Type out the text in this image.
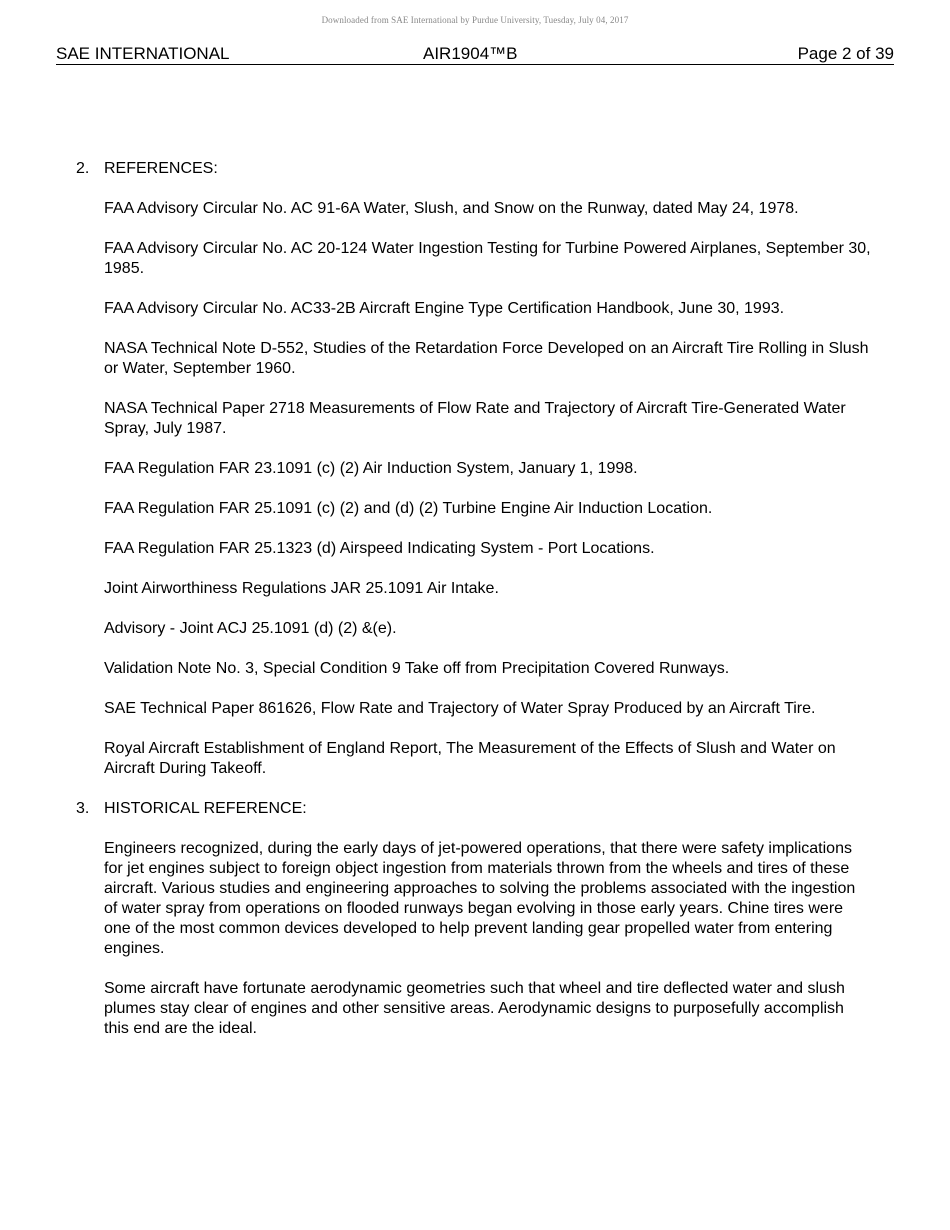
Downloaded from SAE International by Purdue University, Tuesday, July 04, 2017
SAE INTERNATIONAL	AIR1904™B	Page 2 of 39
2. REFERENCES:
FAA Advisory Circular No. AC 91-6A Water, Slush, and Snow on the Runway, dated May 24, 1978.
FAA Advisory Circular No. AC 20-124 Water Ingestion Testing for Turbine Powered Airplanes, September 30, 1985.
FAA Advisory Circular No. AC33-2B Aircraft Engine Type Certification Handbook, June 30, 1993.
NASA Technical Note D-552, Studies of the Retardation Force Developed on an Aircraft Tire Rolling in Slush or Water, September 1960.
NASA Technical Paper 2718 Measurements of Flow Rate and Trajectory of Aircraft Tire-Generated Water Spray, July 1987.
FAA Regulation FAR 23.1091 (c) (2) Air Induction System, January 1, 1998.
FAA Regulation FAR 25.1091 (c) (2) and (d) (2) Turbine Engine Air Induction Location.
FAA Regulation FAR 25.1323 (d) Airspeed Indicating System - Port Locations.
Joint Airworthiness Regulations JAR 25.1091 Air Intake.
Advisory - Joint ACJ 25.1091 (d) (2) &(e).
Validation Note No. 3, Special Condition 9 Take off from Precipitation Covered Runways.
SAE Technical Paper 861626, Flow Rate and Trajectory of Water Spray Produced by an Aircraft Tire.
Royal Aircraft Establishment of England Report, The Measurement of the Effects of Slush and Water on Aircraft During Takeoff.
3. HISTORICAL REFERENCE:

Engineers recognized, during the early days of jet-powered operations, that there were safety implications for jet engines subject to foreign object ingestion from materials thrown from the wheels and tires of these aircraft. Various studies and engineering approaches to solving the problems associated with the ingestion of water spray from operations on flooded runways began evolving in those early years. Chine tires were one of the most common devices developed to help prevent landing gear propelled water from entering engines.

Some aircraft have fortunate aerodynamic geometries such that wheel and tire deflected water and slush plumes stay clear of engines and other sensitive areas. Aerodynamic designs to purposefully accomplish this end are the ideal.
